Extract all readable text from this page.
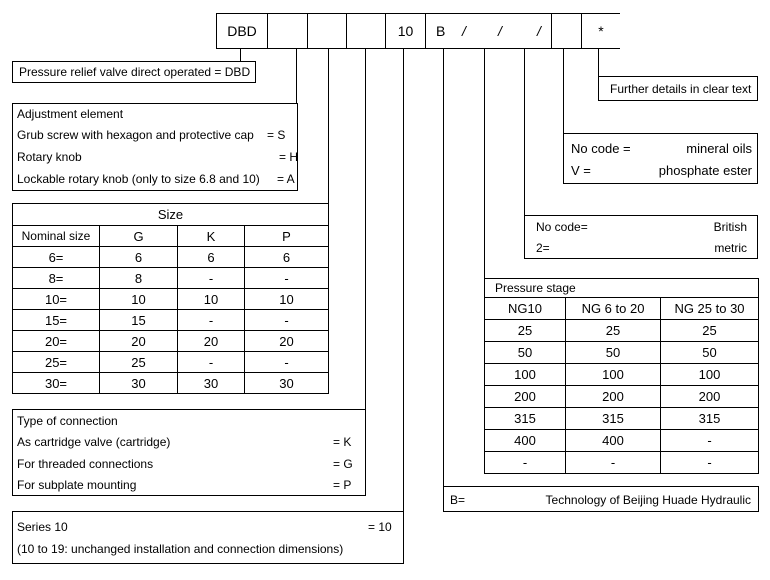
DBD	10	B	/ /	/	*
Pressure relief valve direct operated = DBD
Adjustment element
Grub screw with hexagon and protective cap = S
Rotary knob	= H
Lockable rotary knob (only to size 6.8 and 10) = A
Size			
Nominal size	G	K	P
6=	6	6	6
8=	8	-	-
10=	10	10	10
15=	15	-	-
20=	20	20	20
25=	25	-	-
30=	30	30	30
Type of connection
As cartridge valve (cartridge)	= K
For threaded connections	= G
For subplate mounting	= P
Series 10	= 10
(10 to 19: unchanged installation and connection dimensions)
Further details in clear text
No code =	mineral oils
V =	phosphate ester
No code=	British
2=	metric
Pressure stage		
NG10	NG 6 to 20	NG 25 to 30
25	25	25
50	50	50
100	100	100
200	200	200
315	315	315
400	400	-
-	-	-
B=	Technology of Beijing Huade Hydraulic
